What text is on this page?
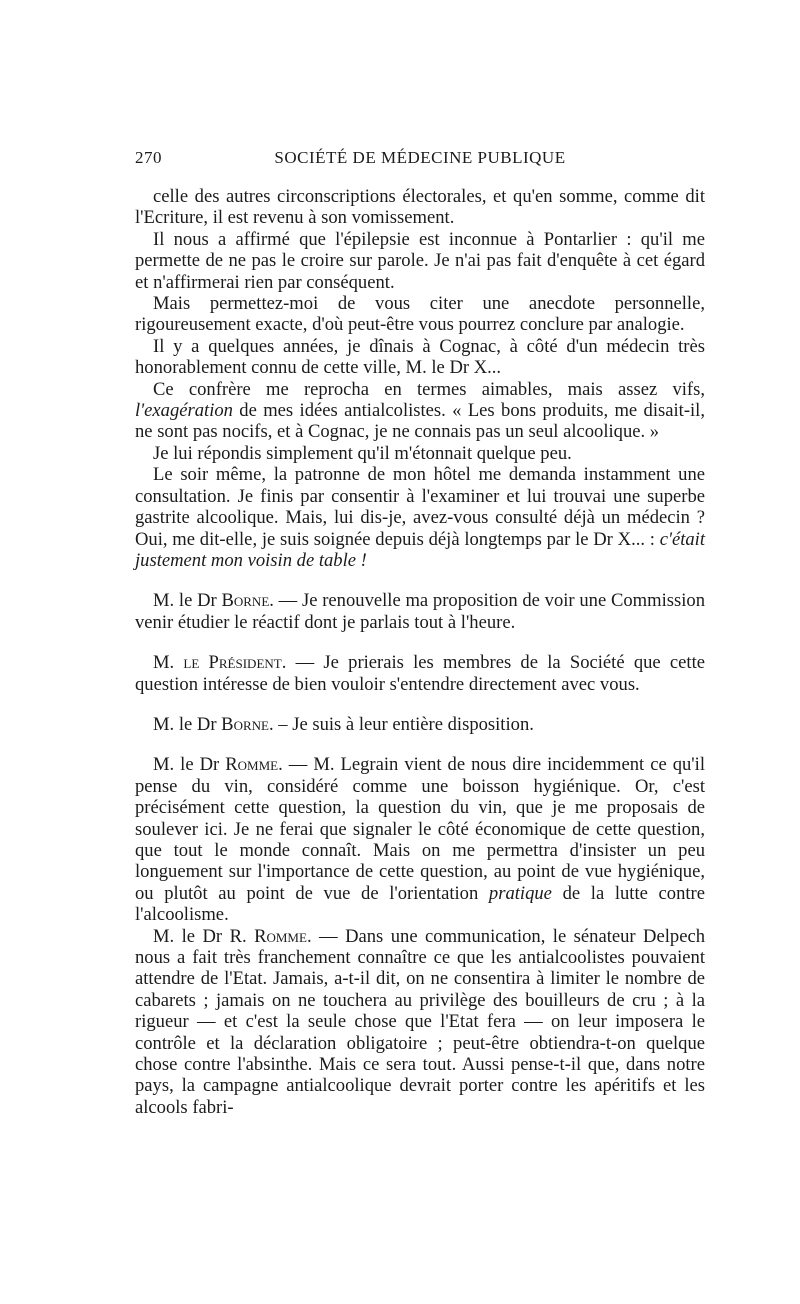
270	SOCIÉTÉ DE MÉDECINE PUBLIQUE

celle des autres circonscriptions électorales, et qu'en somme, comme dit l'Ecriture, il est revenu à son vomissement.

Il nous a affirmé que l'épilepsie est inconnue à Pontarlier : qu'il me permette de ne pas le croire sur parole. Je n'ai pas fait d'enquête à cet égard et n'affirmerai rien par conséquent.

Mais permettez-moi de vous citer une anecdote personnelle, rigoureusement exacte, d'où peut-être vous pourrez conclure par analogie.

Il y a quelques années, je dînais à Cognac, à côté d'un médecin très honorablement connu de cette ville, M. le Dr X...

Ce confrère me reprocha en termes aimables, mais assez vifs, l'exagération de mes idées antialcolistes. « Les bons produits, me disait-il, ne sont pas nocifs, et à Cognac, je ne connais pas un seul alcoolique. »

Je lui répondis simplement qu'il m'étonnait quelque peu.

Le soir même, la patronne de mon hôtel me demanda instamment une consultation. Je finis par consentir à l'examiner et lui trouvai une superbe gastrite alcoolique. Mais, lui dis-je, avez-vous consulté déjà un médecin ? Oui, me dit-elle, je suis soignée depuis déjà longtemps par le Dr X... : c'était justement mon voisin de table !

M. le Dr Borne. — Je renouvelle ma proposition de voir une Commission venir étudier le réactif dont je parlais tout à l'heure.

M. le Président. — Je prierais les membres de la Société que cette question intéresse de bien vouloir s'entendre directement avec vous.

M. le Dr Borne. – Je suis à leur entière disposition.

M. le Dr Romme. — M. Legrain vient de nous dire incidemment ce qu'il pense du vin, considéré comme une boisson hygiénique. Or, c'est précisément cette question, la question du vin, que je me proposais de soulever ici. Je ne ferai que signaler le côté économique de cette question, que tout le monde connaît. Mais on me permettra d'insister un peu longuement sur l'importance de cette question, au point de vue hygiénique, ou plutôt au point de vue de l'orientation pratique de la lutte contre l'alcoolisme.

M. le Dr R. Romme. — Dans une communication, le sénateur Delpech nous a fait très franchement connaître ce que les antialcoolistes pouvaient attendre de l'Etat. Jamais, a-t-il dit, on ne consentira à limiter le nombre de cabarets ; jamais on ne touchera au privilège des bouilleurs de cru ; à la rigueur — et c'est la seule chose que l'Etat fera — on leur imposera le contrôle et la déclaration obligatoire ; peut-être obtiendra-t-on quelque chose contre l'absinthe. Mais ce sera tout. Aussi pense-t-il que, dans notre pays, la campagne antialcoolique devrait porter contre les apéritifs et les alcools fabri-
